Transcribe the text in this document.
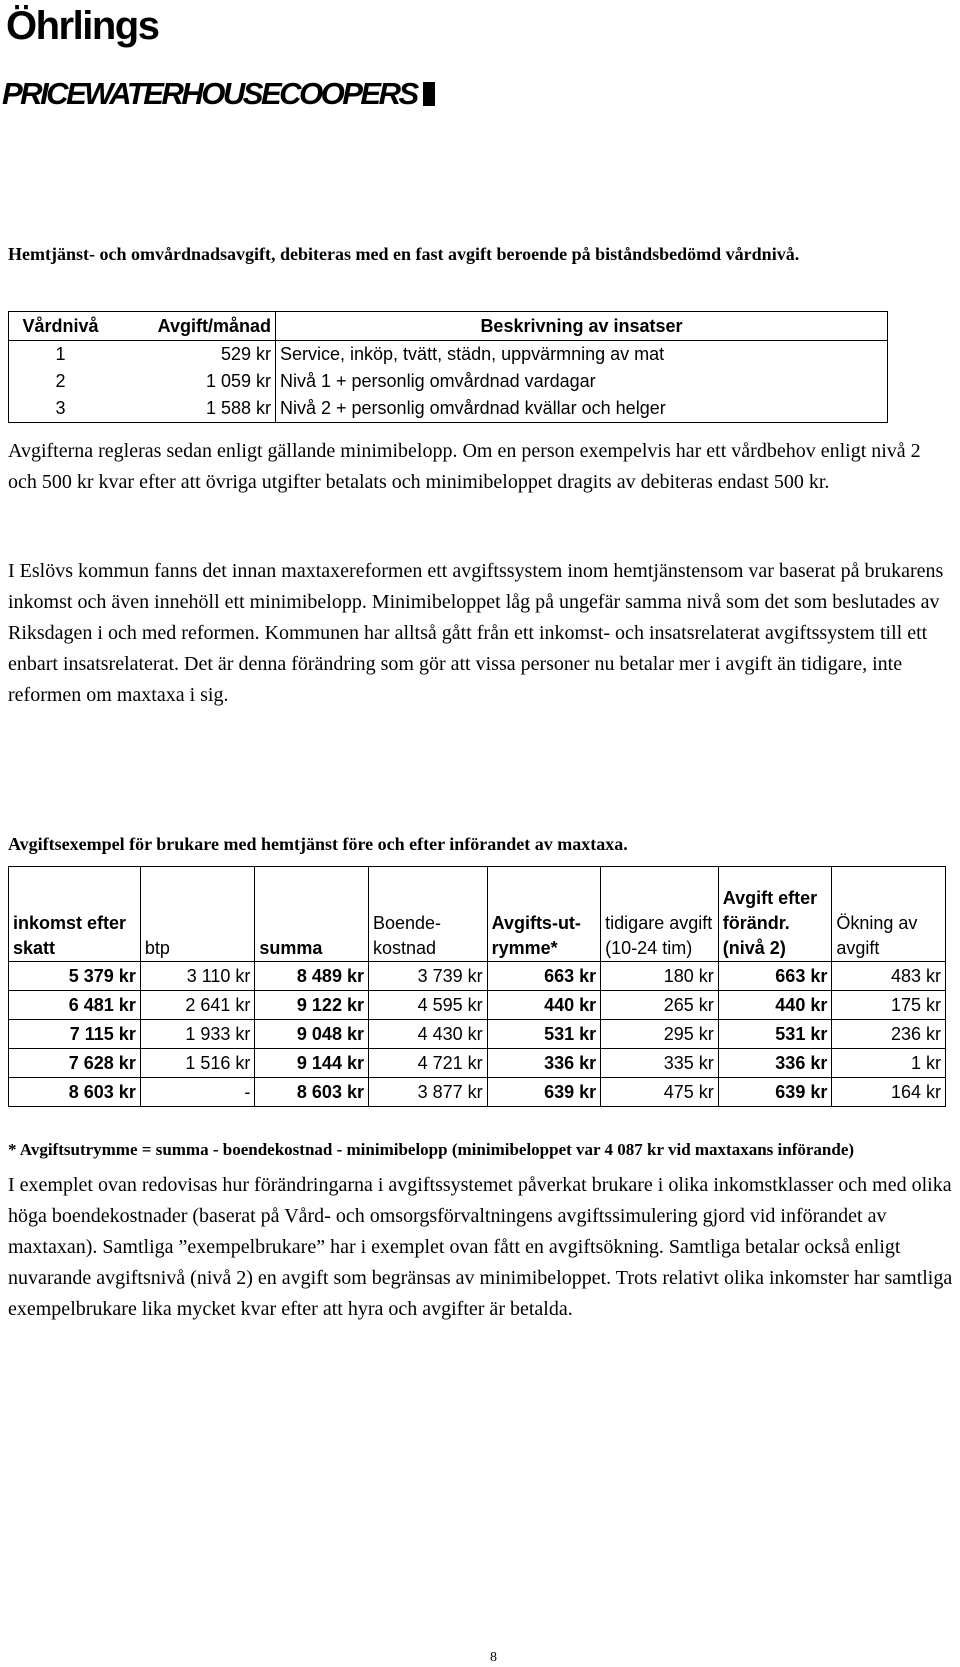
Öhrlings
PRICEWATERHOUSECOOPERS
Hemtjänst- och omvårdnadsavgift, debiteras med en fast avgift beroende på biståndsbedömd vårdnivå.
Vårdnivå	Avgift/månad	Beskrivning av insatser
1	529 kr	Service, inköp, tvätt, städn, uppvärmning av mat
2	1 059 kr	Nivå 1 + personlig omvårdnad vardagar
3	1 588 kr	Nivå 2 + personlig omvårdnad kvällar och helger
Avgifterna regleras sedan enligt gällande minimibelopp. Om en person exempelvis har ett vårdbehov enligt nivå 2 och 500 kr kvar efter att övriga utgifter betalats och minimibeloppet dragits av debiteras endast 500 kr.
I Eslövs kommun fanns det innan maxtaxereformen ett avgiftssystem inom hemtjänstensom var baserat på brukarens inkomst och även innehöll ett minimibelopp. Minimibeloppet låg på ungefär samma nivå som det som beslutades av Riksdagen i och med reformen. Kommunen har alltså gått från ett inkomst- och insatsrelaterat avgiftssystem till ett enbart insatsrelaterat. Det är denna förändring som gör att vissa personer nu betalar mer i avgift än tidigare, inte reformen om maxtaxa i sig.
Avgiftsexempel för brukare med hemtjänst före och efter införandet av maxtaxa.
inkomst efter skatt	btp	summa	Boende-kostnad	Avgifts-ut-rymme*	tidigare avgift (10-24 tim)	Avgift efter förändr. (nivå 2)	Ökning av avgift
5 379 kr	3 110 kr	8 489 kr	3 739 kr	663 kr	180 kr	663 kr	483 kr
6 481 kr	2 641 kr	9 122 kr	4 595 kr	440 kr	265 kr	440 kr	175 kr
7 115 kr	1 933 kr	9 048 kr	4 430 kr	531 kr	295 kr	531 kr	236 kr
7 628 kr	1 516 kr	9 144 kr	4 721 kr	336 kr	335 kr	336 kr	1 kr
8 603 kr	-	8 603 kr	3 877 kr	639 kr	475 kr	639 kr	164 kr
* Avgiftsutrymme = summa - boendekostnad - minimibelopp (minimibeloppet var 4 087 kr vid maxtaxans införande)
I exemplet ovan redovisas hur förändringarna i avgiftssystemet påverkat brukare i olika inkomstklasser och med olika höga boendekostnader (baserat på Vård- och omsorgsförvaltningens avgiftssimulering gjord vid införandet av maxtaxan). Samtliga ”exempelbrukare” har i exemplet ovan fått en avgiftsökning. Samtliga betalar också enligt nuvarande avgiftsnivå (nivå 2) en avgift som begränsas av minimibeloppet. Trots relativt olika inkomster har samtliga exempelbrukare lika mycket kvar efter att hyra och avgifter är betalda.
8
